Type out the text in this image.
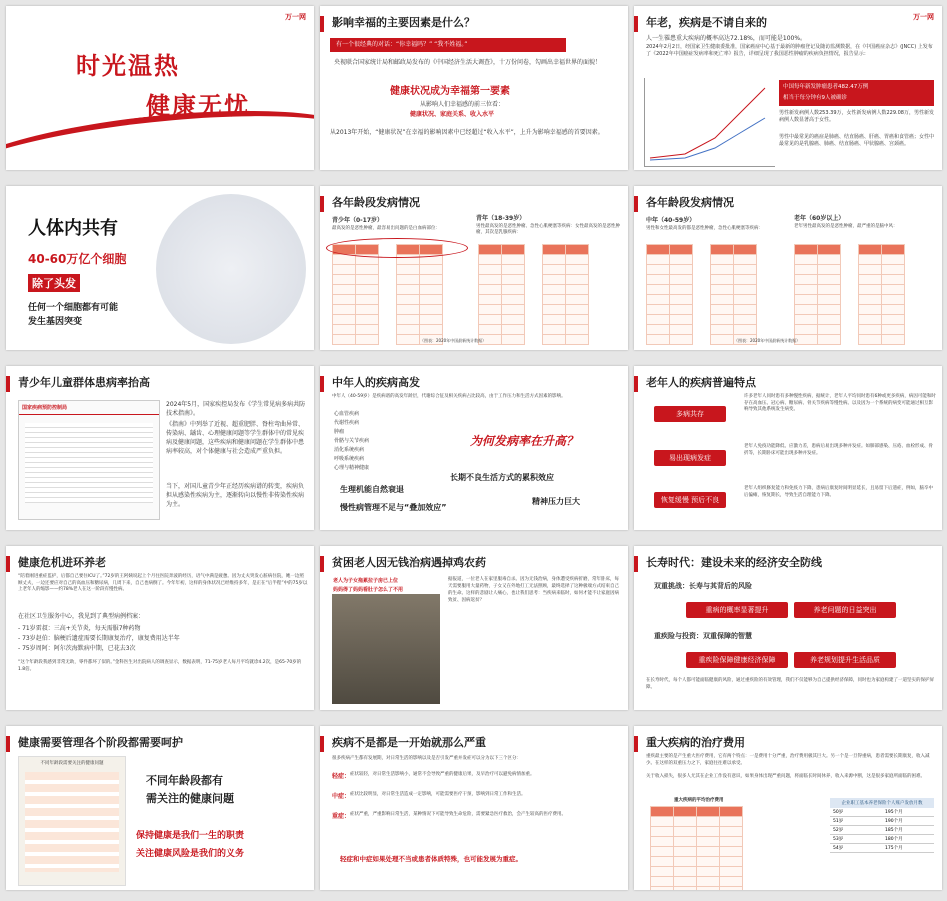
万一网
时光温热
健康无忧
影响幸福的主要因素是什么？
有一个很经典的对话：“你幸福吗？” “我不姓福。”
央视联合国家统计局和邮政局发布的《中国经济生活大调查》，十万份问卷，勾画出幸福世界的面貌！
健康状况成为幸福第一要素
从影响人们幸福感的前三位看：
健康状况、家庭关系、收入水平
从2013年开始，“健康状况”在幸福的影响因素中已经超过“收入水平”，上升为影响幸福感的首要因素。
年老，疾病是不请自来的	万一网
人一生罹患重大疾病的概率高达72.18%，而可能是100%。
2024年2月2日，经国家卫生健康委批准，国家癌症中心基于最新的肿瘤登记及随访监测数据，在《中国癌症杂志》(JNCC) 上发布了《2022年中国癌症发病率和死亡率》报告，详细呈现了我国恶性肿瘤的疾病负担情况，报告显示：
中国每年新发肿瘤患者482.47万例
相当于每分钟有9人被确诊
男性新发病例人数253.39万，女性新发病例人数229.08万，男性新发病例人数显著高于女性。
男性中最常见的癌症是肺癌、结直肠癌、肝癌、胃癌和食管癌；女性中最常见的是乳腺癌、肺癌、结直肠癌、甲状腺癌、宫颈癌。
人体内共有
40-60万亿个细胞
除了头发
任何一个细胞都有可能
发生基因突变
各年龄段发病情况
青少年（0-17岁）
最高发的是恶性肿瘤，最容易出问题的是白血病部位：

青年（18-39岁）
男性最高发的是恶性肿瘤、急性心肌梗塞等疾病：女性最高发的是恶性肿瘤，其次是乳腺疾病：

（图表：2020年中国最新统计数据）
各年龄段发病情况
中年（40-59岁）
男性和女性最高发的都是恶性肿瘤，急性心肌梗塞等疾病：

老年（60岁以上）
老年男性最高发的是恶性肿瘤，最严重的是脑中风：

（图表：2020年中国最新统计数据）
青少年儿童群体患病率抬高
国家疾病预防控制局	2024年5月，国家疾控局发布《学生常见病多病共防技术指南》。
《指南》中列举了近视、超重肥胖、脊柱弯曲异常、传染病、龋齿、心理健康问题等学生群体中的常见疾病及健康问题，这些疾病和健康问题在学生群体中患病率较高，对个体健康与社会造成严重负担。
当下，对国儿童青少年正经历疾病谱的转变，疾病负担从感染性疾病为主，逐渐转向以慢性非传染性疾病为主。
中年人的疾病高发
中年人（40-59岁）是疾病谱的高发年龄层，代谢综合征及相关疾病占比较高，由于工作压力和生活方式因素的影响。
心血管疾病
代谢性疾病
肿瘤
骨骼与关节疾病
消化系统疾病
呼吸系统疾病
心理与精神健康
为何发病率在升高？
长期不良生活方式的累积效应
生理机能自然衰退
精神压力巨大
慢性病管理不足与“叠加效应”
老年人的疾病普遍特点
多病共存
易出现病发症
恢复缓慢 预后不良
许多老年人同时患有多种慢性疾病，据统计，老年人平均同时患有6种或更多疾病，病因可能和时存在高血压、冠心病、糖尿病、骨关节疾病等慢性病。以及因为一个系统的病变可能通过相互影响导致其他系统发生病变。
老年人免疫功能降低、应激力差，患病后易出现多种并发症。如肺部感染、压疮、血栓形成、骨折等，长期卧床可能出现多种并发症。
老年人组织修复能力和免疫力下降，患病后康复时间明显延长，且易留下后遗症，例如，脑卒中后偏瘫，恢复期长，导致生活自理能力下降。
健康危机进环养老
“陪着刚进重症监护，后都自己要住ICU了。”72岁的王阿姨说起上个月往医院奔波的经历，语气中满是疲惫。因为丈夫突发心脏病住院，她一边照顾丈夫，一边还要应对自己的高血压和糖尿病，几周下来，自己也病倒了。今年年初，这样的身体状况已经维持多年，是正在“后半程”中的75岁以上老年人的缩影——约78%老人在这一阶段有慢性病。
在社区卫生服务中心，我见到了典型病例档案：
- 71岁雷叔：三高+关节炎，每天需服7种药物
- 73岁赵伯：脑梗后遗症需要长期康复治疗，康复费用达半年
- 75岁周阿：阿尔茨海默病中期，已花去3次
“这个年龄段我感到非常无助，零件都坏了似的。”金科医生对出院病人的调查显示，数据表明，71-75岁老人每月平均就诊4.2次，是65-70岁的1.8倍。
贫困老人因无钱治病遇掉鸡农药
老人为子女拖累拉子房已上位
妈妈得了妈妈看肚子怎么了不用
据报道，一位老人在家里服毒自杀。因为无钱治病，身体遭受疾病折磨，常年卧床，每天需要服用大量药物，子女又在外地打工无法照顾，最终选择了这种极端方式结束自己的生命。这样的悲剧让人痛心，也让我们思考：当疾病来临时，如何才能不让家庭因病致贫、因病返贫？
长寿时代：建设未来的经济安全防线
双重挑战：长寿与其背后的风险
重病的概率显著提升	养老问题的日益突出
重疾险与投资：双重保障的智慧
重疾险保障健康经济保障	养老规划提升生活品质
在长寿时代，每个人都可能面临健康的风险，通过重疾险的有效管理，我们不仅能够为自己提供经济保障，同时也为家庭构建了一道坚实的保护屏障。
健康需要管理各个阶段都需要呵护
不同年龄段需要关注的健康问题
不同年龄段都有
需关注的健康问题
保持健康是我们一生的职责
关注健康风险是我们的义务
疾病不是都是一开始就那么严重
很多疾病产生都有发展期，对日常生活的影响以及是否引发严重并发症可以分为以下三个区分：
轻症： 症状较轻，对日常生活影响小，通常不会导致严重的健康后果，及早治疗可以避免病情加重。
中症： 症状比较明显，对日常生活造成一定影响，可能需要医疗干预，影响到日常工作和生活。
重症： 症状严重，严重影响日常生活，某种情况下可能导致生命危险，需要紧急医疗救治，会产生较高的医疗费用。
轻症和中症如果处理不当或患者体质特殊，也可能发展为重症。
重大疾病的治疗费用
重疾最主要的是产生重大医疗费用，它有两个特点：一是费用十分严重，治疗费用极其巨大。另一个是一旦得重病，患者需要长期康复，收入减少。在这样的双重压力之下，家庭往往难以承受。
关于收入损失，很多人尤其在企业工作没有意识，如果身体出现严重问题，将面临长时间休养，收入来源中断，这是很多家庭所面临的困难。
重大疾病的平均治疗费用

企业职工基本养老保险个人账户发放月数
50岁	195个月
51岁	190个月
52岁	185个月
53岁	180个月
54岁	175个月
